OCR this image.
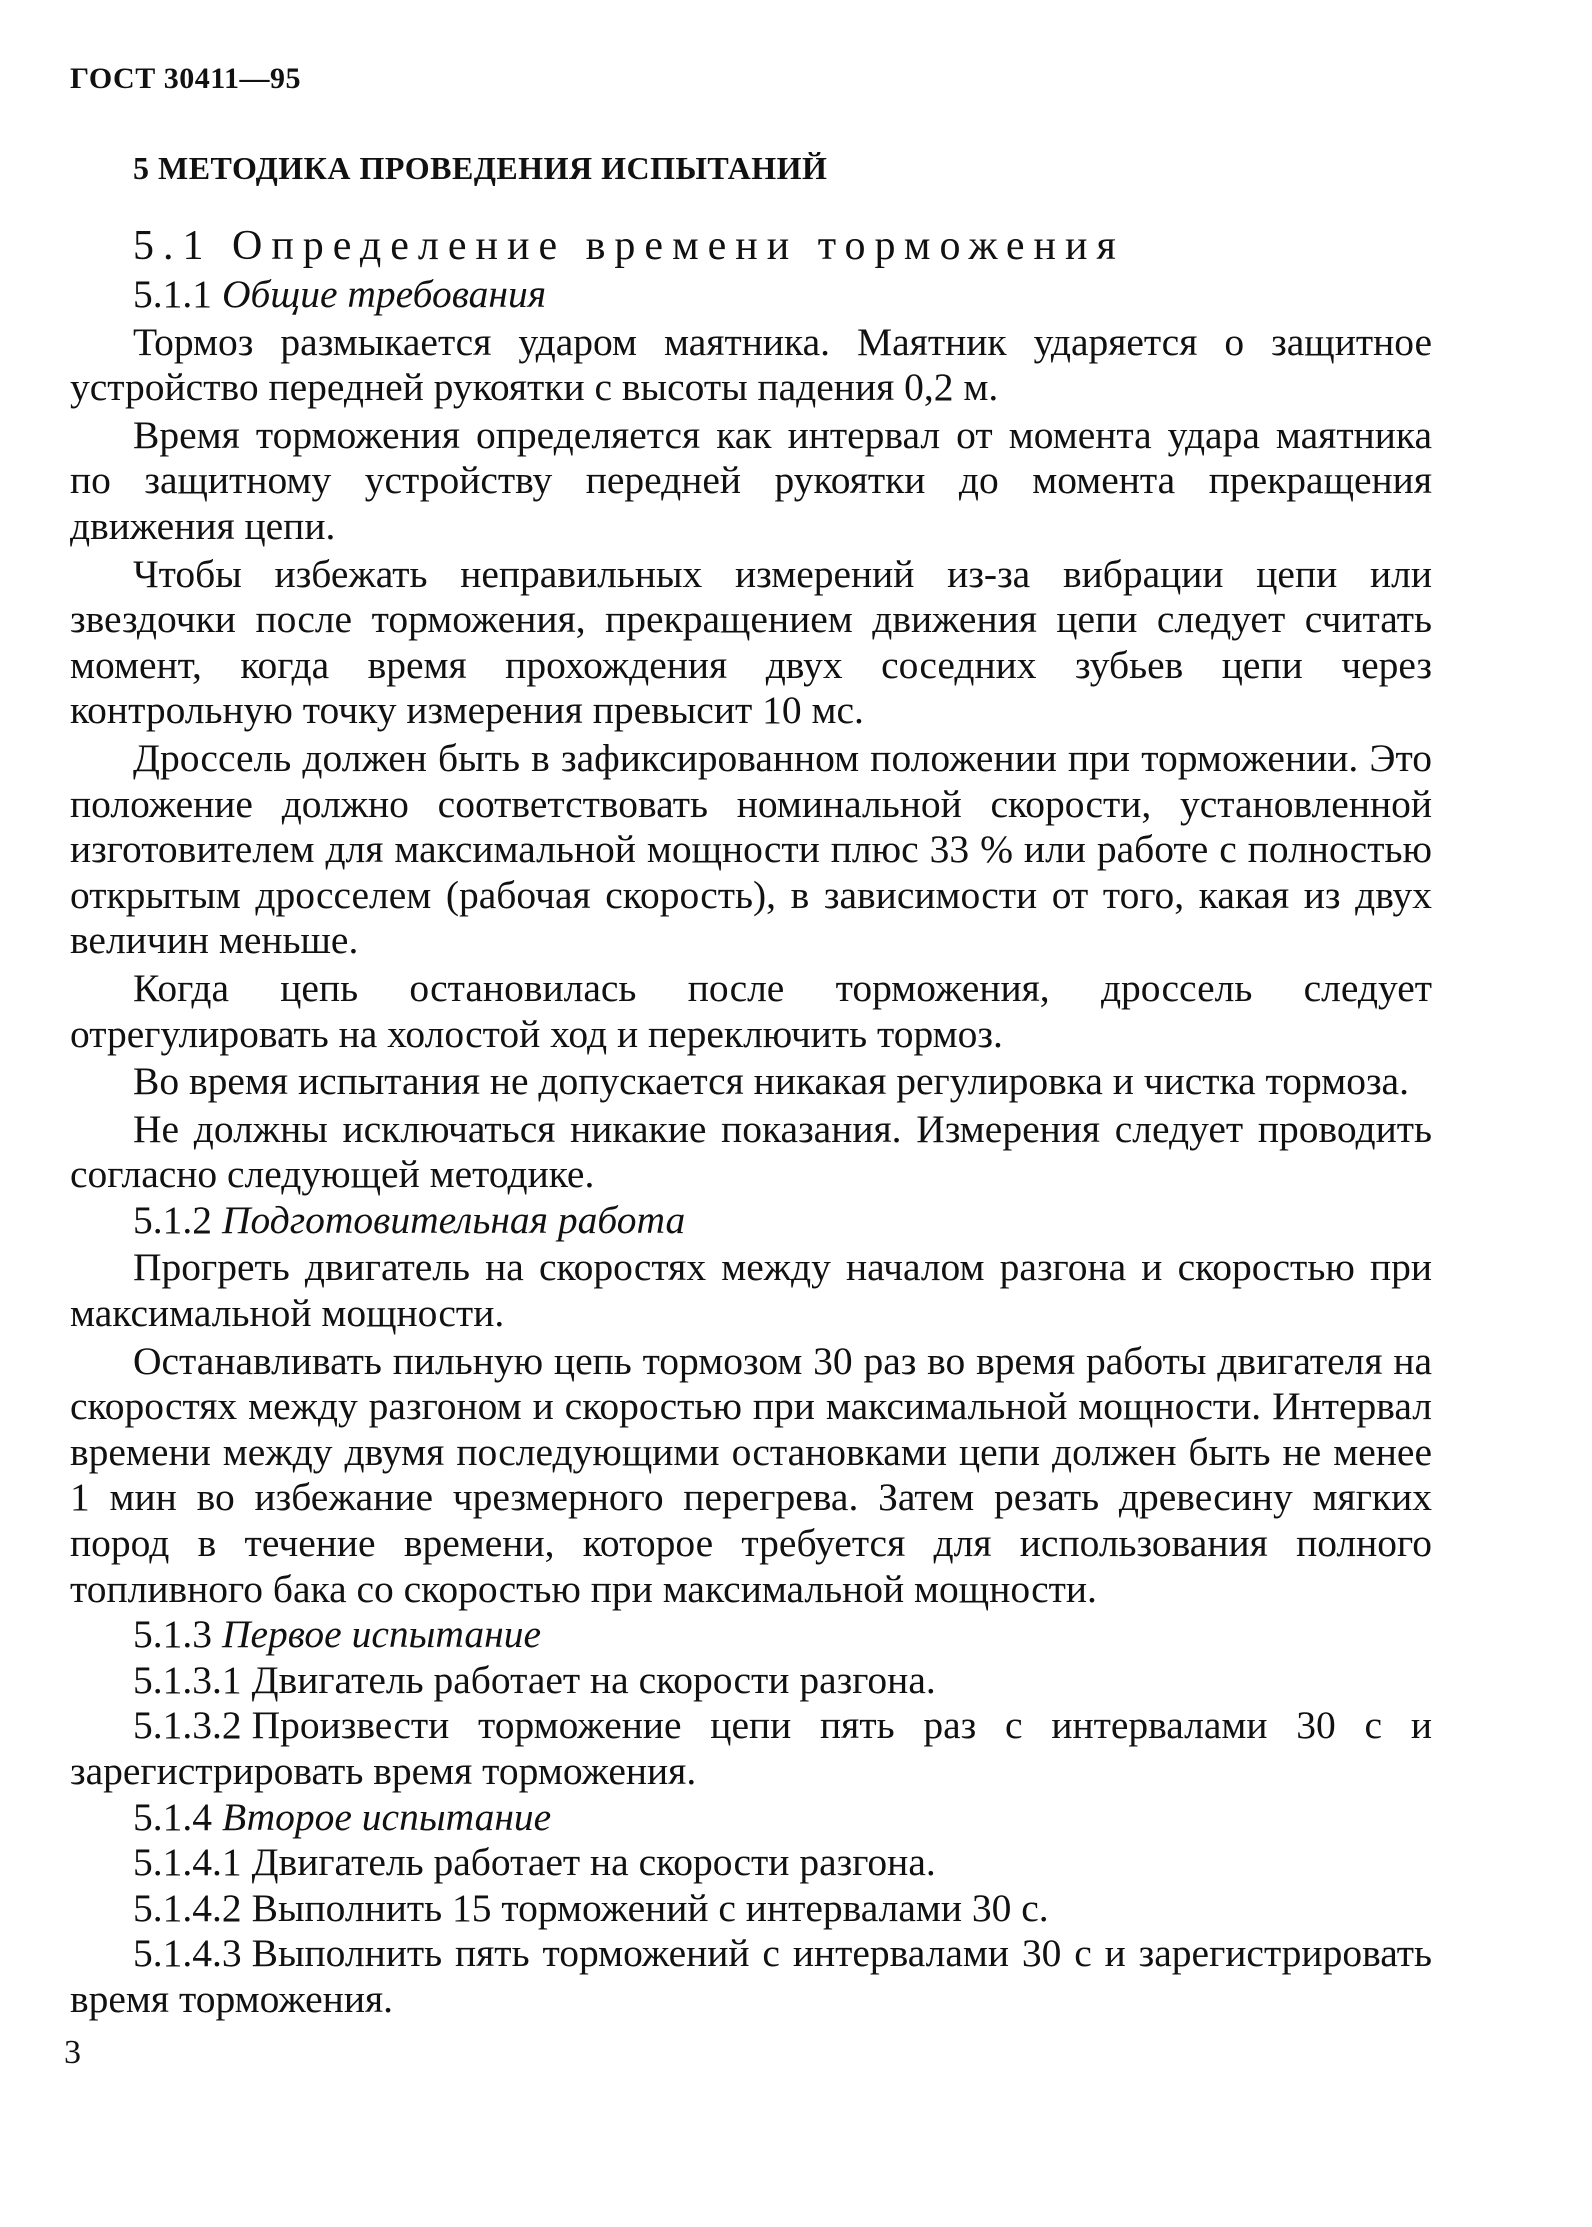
ГОСТ 30411—95
5 МЕТОДИКА ПРОВЕДЕНИЯ ИСПЫТАНИЙ

5.1 Определение времени торможения

5.1.1 Общие требования

Тормоз размыкается ударом маятника. Маятник ударяется о защитное устройство передней рукоятки с высоты падения 0,2 м.

Время торможения определяется как интервал от момента удара маятника по защитному устройству передней рукоятки до момента прекращения движения цепи.

Чтобы избежать неправильных измерений из-за вибрации цепи или звездочки после торможения, прекращением движения цепи следует считать момент, когда время прохождения двух соседних зубьев цепи через контрольную точку измерения превысит 10 мс.

Дроссель должен быть в зафиксированном положении при торможении. Это положение должно соответствовать номинальной скорости, установленной изготовителем для максимальной мощности плюс 33 % или работе с полностью открытым дросселем (рабочая скорость), в зависимости от того, какая из двух величин меньше.

Когда цепь остановилась после торможения, дроссель следует отрегулировать на холостой ход и переключить тормоз.

Во время испытания не допускается никакая регулировка и чистка тормоза.

Не должны исключаться никакие показания. Измерения следует проводить согласно следующей методике.

5.1.2 Подготовительная работа

Прогреть двигатель на скоростях между началом разгона и скоростью при максимальной мощности.

Останавливать пильную цепь тормозом 30 раз во время работы двигателя на скоростях между разгоном и скоростью при максимальной мощности. Интервал времени между двумя последующими остановками цепи должен быть не менее 1 мин во избежание чрезмерного перегрева. Затем резать древесину мягких пород в течение времени, которое требуется для использования полного топливного бака со скоростью при максимальной мощности.

5.1.3 Первое испытание

5.1.3.1 Двигатель работает на скорости разгона.

5.1.3.2 Произвести торможение цепи пять раз с интервалами 30 с и зарегистрировать время торможения.

5.1.4 Второе испытание

5.1.4.1 Двигатель работает на скорости разгона.

5.1.4.2 Выполнить 15 торможений с интервалами 30 с.

5.1.4.3 Выполнить пять торможений с интервалами 30 с и зарегистрировать время торможения.

3
